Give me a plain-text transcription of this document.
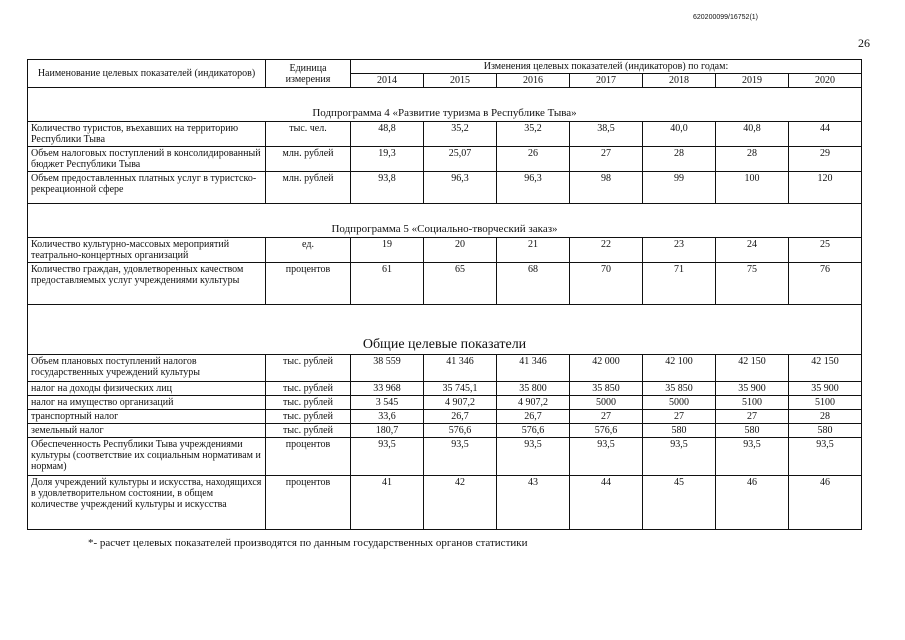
620200099/16752(1)
26
Наименование целевых показателей (индикаторов)	Единица измерения	Изменения целевых показателей (индикаторов) по годам:						
		2014	2015	2016	2017	2018	2019	2020
Подпрограмма 4 «Развитие туризма в Республике Тыва»								
Количество туристов, въехавших на территорию Республики Тыва	тыс. чел.	48,8	35,2	35,2	38,5	40,0	40,8	44
Объем налоговых поступлений в консолидированный бюджет Республики Тыва	млн. рублей	19,3	25,07	26	27	28	28	29
Объем предоставленных платных услуг в туристско-рекреационной сфере	млн. рублей	93,8	96,3	96,3	98	99	100	120
Подпрограмма 5 «Социально-творческий заказ»								
Количество культурно-массовых мероприятий театрально-концертных организаций	ед.	19	20	21	22	23	24	25
Количество граждан, удовлетворенных качеством предоставляемых услуг учреждениями культуры	процентов	61	65	68	70	71	75	76
Общие целевые показатели								
Объем плановых поступлений налогов государственных учреждений культуры	тыс. рублей	38 559	41 346	41 346	42 000	42 100	42 150	42 150
налог на доходы физических лиц	тыс. рублей	33 968	35 745,1	35 800	35 850	35 850	35 900	35 900
налог на имущество организаций	тыс. рублей	3 545	4 907,2	4 907,2	5000	5000	5100	5100
транспортный налог	тыс. рублей	33,6	26,7	26,7	27	27	27	28
земельный налог	тыс. рублей	180,7	576,6	576,6	576,6	580	580	580
Обеспеченность Республики Тыва учреждениями культуры (соответствие их социальным нормативам и нормам)	процентов	93,5	93,5	93,5	93,5	93,5	93,5	93,5
Доля учреждений культуры и искусства, находящихся в удовлетворительном состоянии, в общем количестве учреждений культуры и искусства	процентов	41	42	43	44	45	46	46
*- расчет целевых показателей производятся по данным государственных органов статистики
